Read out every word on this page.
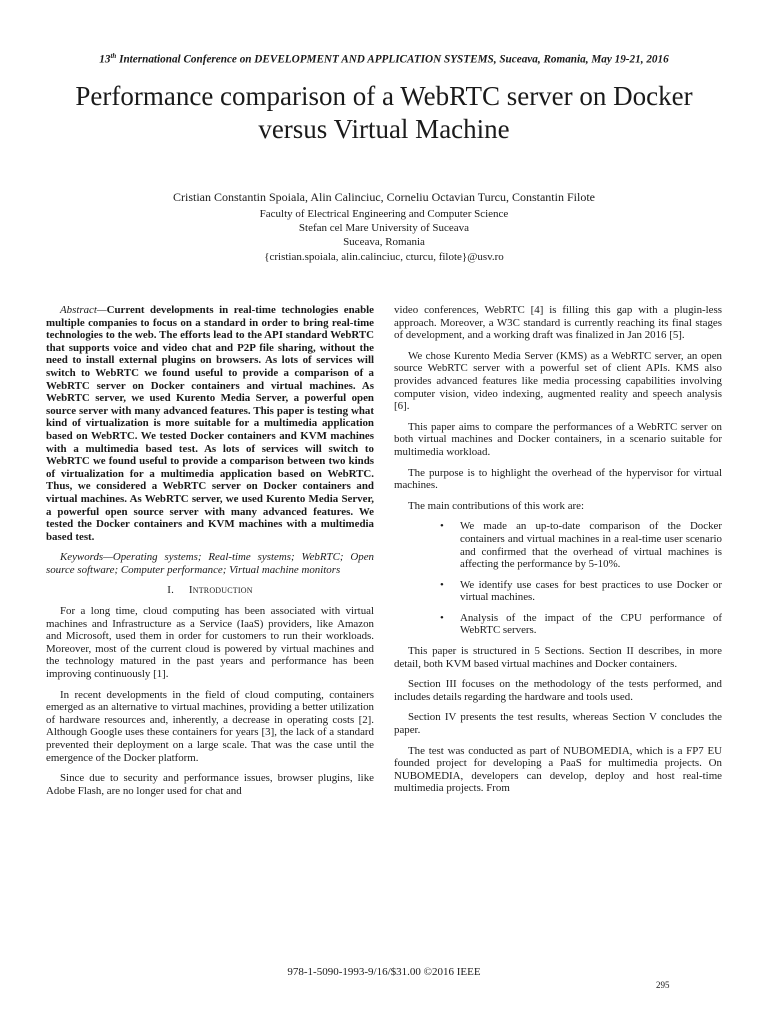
13th International Conference on DEVELOPMENT AND APPLICATION SYSTEMS, Suceava, Romania, May 19-21, 2016
Performance comparison of a WebRTC server on Docker versus Virtual Machine
Cristian Constantin Spoiala, Alin Calinciuc, Corneliu Octavian Turcu, Constantin Filote
Faculty of Electrical Engineering and Computer Science
Stefan cel Mare University of Suceava
Suceava, Romania
{cristian.spoiala, alin.calinciuc, cturcu, filote}@usv.ro

Abstract—Current developments in real-time technologies enable multiple companies to focus on a standard in order to bring real-time technologies to the web. The efforts lead to the API standard WebRTC that supports voice and video chat and P2P file sharing, without the need to install external plugins on browsers. As lots of services will switch to WebRTC we found useful to provide a comparison of a WebRTC server on Docker containers and virtual machines. As WebRTC server, we used Kurento Media Server, a powerful open source server with many advanced features. This paper is testing what kind of virtualization is more suitable for a multimedia application based on WebRTC. We tested Docker containers and KVM machines with a multimedia based test. As lots of services will switch to WebRTC we found useful to provide a comparison between two kinds of virtualization for a multimedia application based on WebRTC. Thus, we considered a WebRTC server on Docker containers and virtual machines. As WebRTC server, we used Kurento Media Server, a powerful open source server with many advanced features. We tested the Docker containers and KVM machines with a multimedia based test.

Keywords—Operating systems; Real-time systems; WebRTC; Open source software; Computer performance; Virtual machine monitors

I. Introduction

For a long time, cloud computing has been associated with virtual machines and Infrastructure as a Service (IaaS) providers, like Amazon and Microsoft, used them in order for customers to run their workloads. Moreover, most of the current cloud is powered by virtual machines and the technology matured in the past years and performance has been improving continuously [1].

In recent developments in the field of cloud computing, containers emerged as an alternative to virtual machines, providing a better utilization of hardware resources and, inherently, a decrease in operating costs [2]. Although Google uses these containers for years [3], the lack of a standard prevented their deployment on a large scale. That was the case until the emergence of the Docker platform.

Since due to security and performance issues, browser plugins, like Adobe Flash, are no longer used for chat and

video conferences, WebRTC [4] is filling this gap with a plugin-less approach. Moreover, a W3C standard is currently reaching its final stages of development, and a working draft was finalized in Jan 2016 [5].

We chose Kurento Media Server (KMS) as a WebRTC server, an open source WebRTC server with a powerful set of client APIs. KMS also provides advanced features like media processing capabilities involving computer vision, video indexing, augmented reality and speech analysis [6].

This paper aims to compare the performances of a WebRTC server on both virtual machines and Docker containers, in a scenario suitable for multimedia workload.

The purpose is to highlight the overhead of the hypervisor for virtual machines.

The main contributions of this work are:

• We made an up-to-date comparison of the Docker containers and virtual machines in a real-time user scenario and confirmed that the overhead of virtual machines is affecting the performance by 5-10%.
• We identify use cases for best practices to use Docker or virtual machines.
• Analysis of the impact of the CPU performance of WebRTC servers.

This paper is structured in 5 Sections. Section II describes, in more detail, both KVM based virtual machines and Docker containers.

Section III focuses on the methodology of the tests performed, and includes details regarding the hardware and tools used.

Section IV presents the test results, whereas Section V concludes the paper.

The test was conducted as part of NUBOMEDIA, which is a FP7 EU founded project for developing a PaaS for multimedia projects. On NUBOMEDIA, developers can develop, deploy and host real-time multimedia projects. From

978-1-5090-1993-9/16/$31.00 ©2016 IEEE
295
